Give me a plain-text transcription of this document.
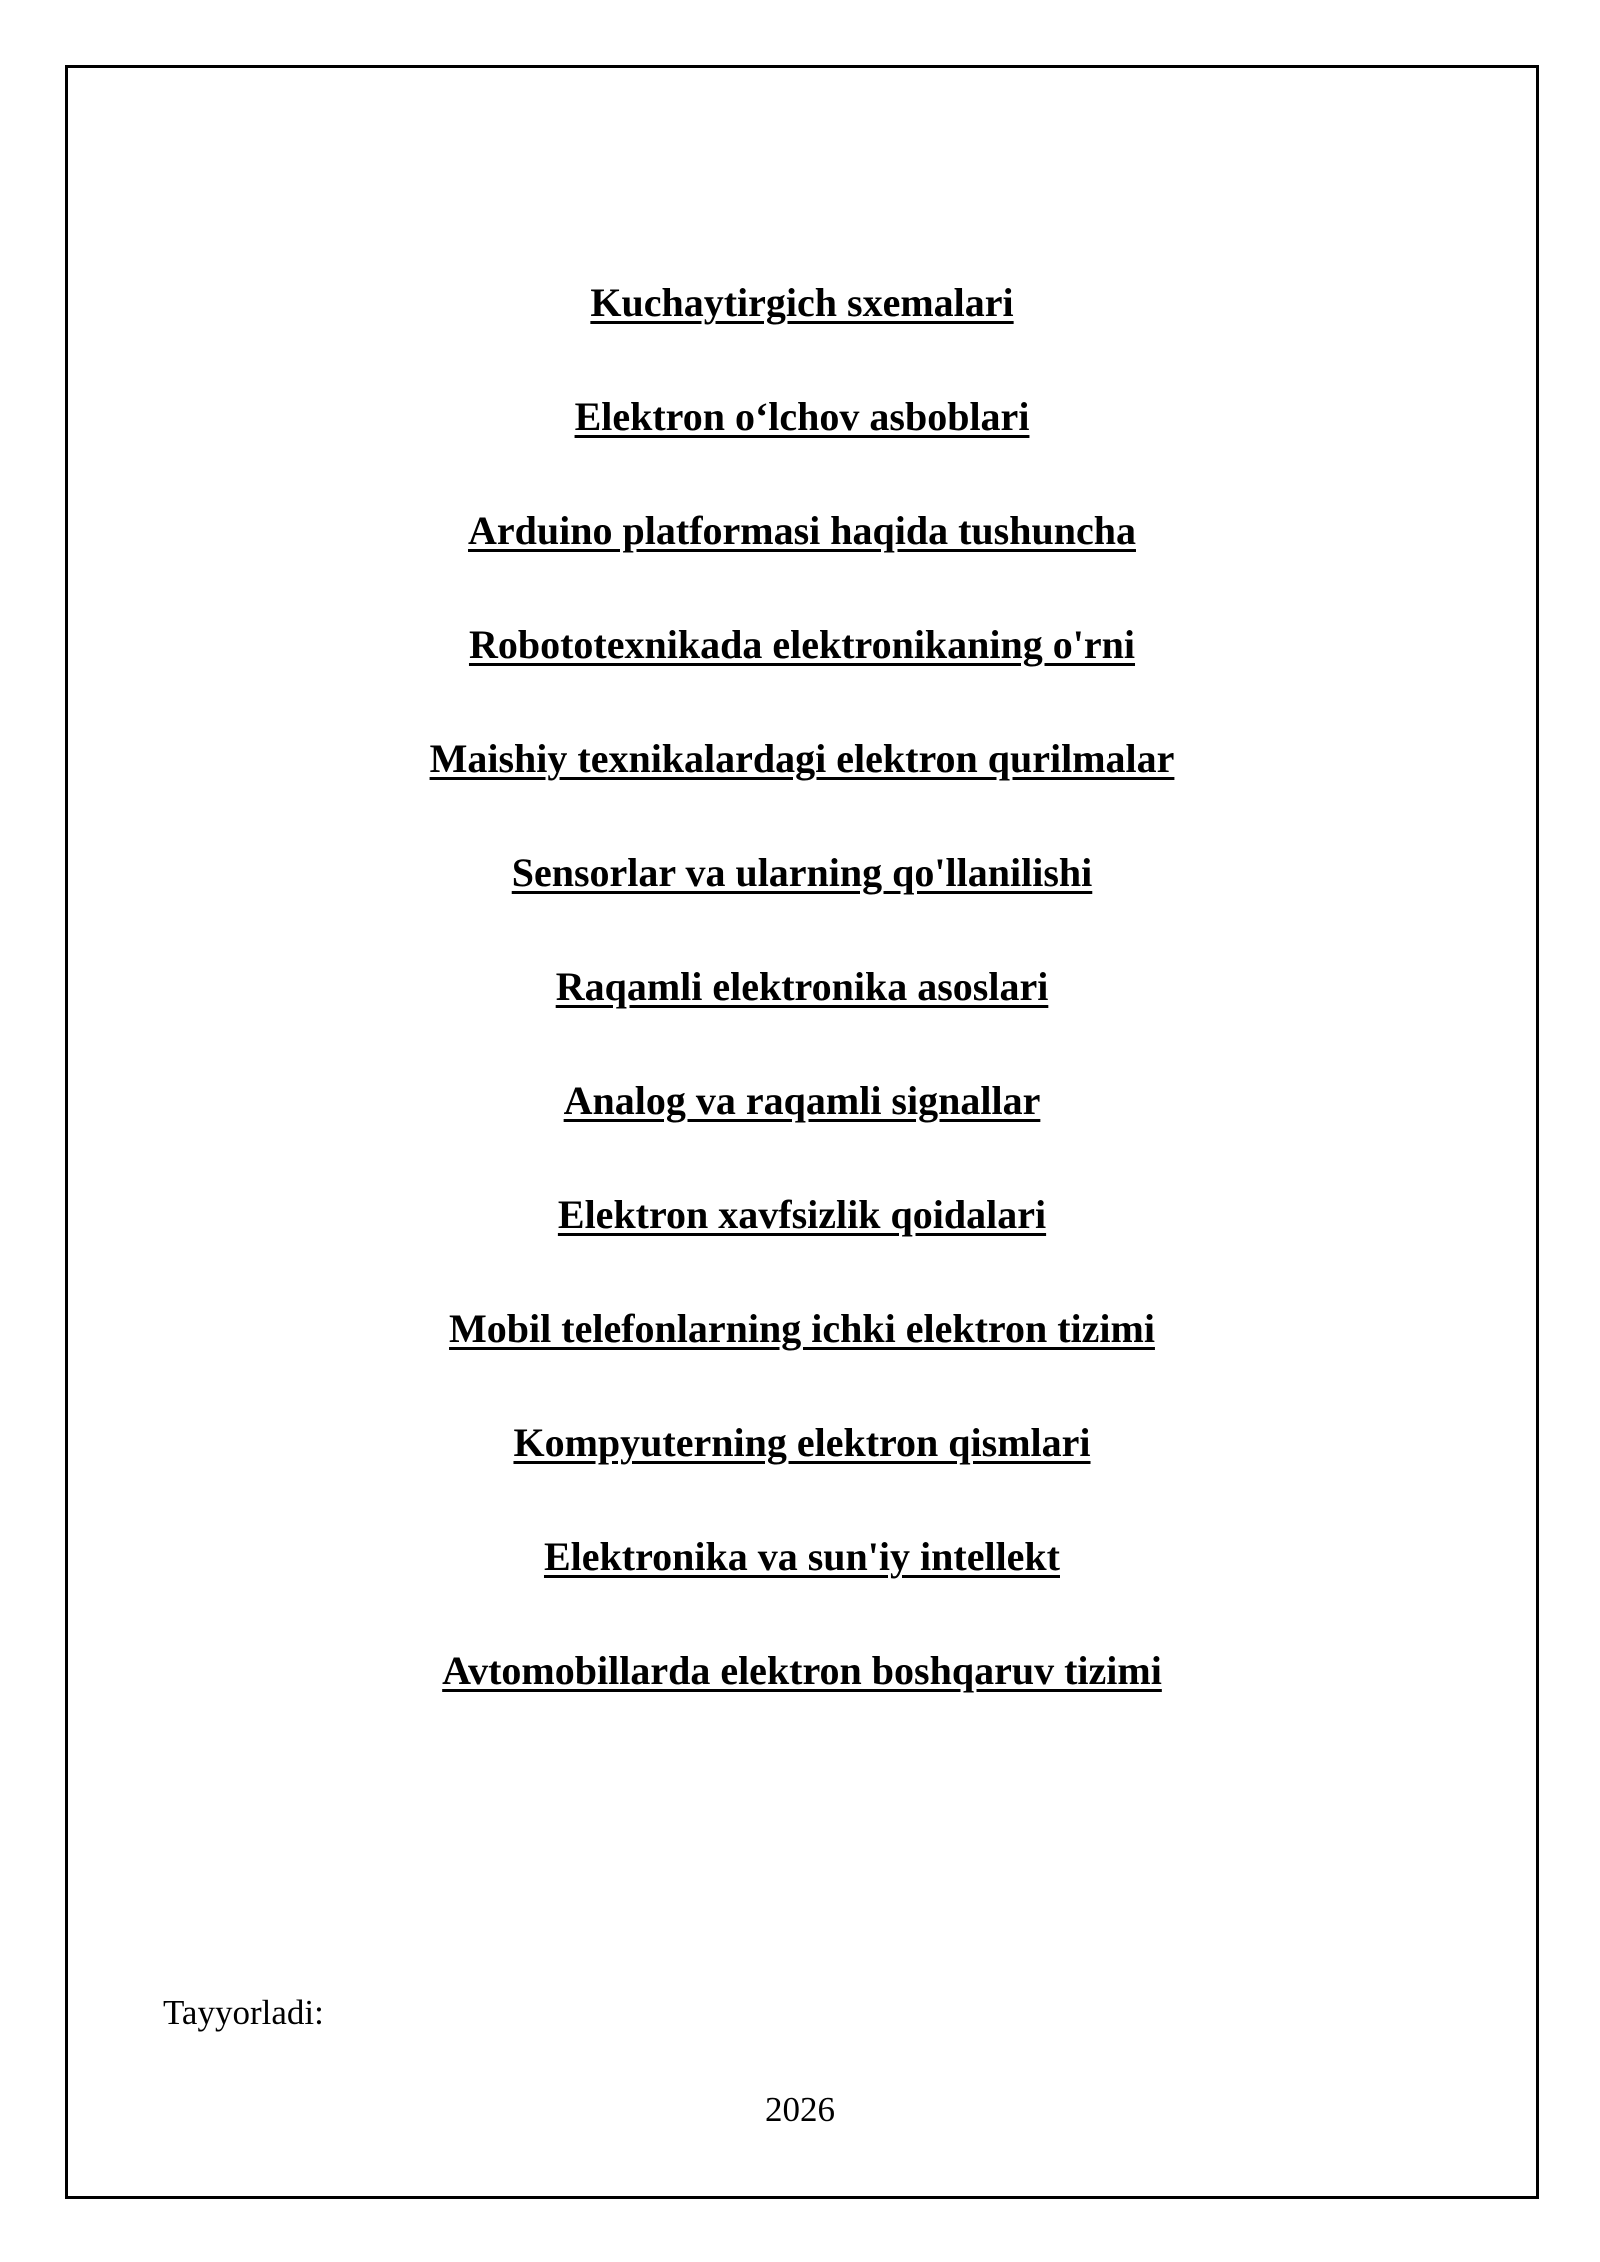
Kuchaytirgich sxemalari
Elektron o‘lchov asboblari
Arduino platformasi haqida tushuncha
Robototexnikada elektronikaning o'rni
Maishiy texnikalardagi elektron qurilmalar
Sensorlar va ularning qo'llanilishi
Raqamli elektronika asoslari
Analog va raqamli signallar
Elektron xavfsizlik qoidalari
Mobil telefonlarning ichki elektron tizimi
Kompyuterning elektron qismlari
Elektronika va sun'iy intellekt
Avtomobillarda elektron boshqaruv tizimi
Tayyorladi:
2026
